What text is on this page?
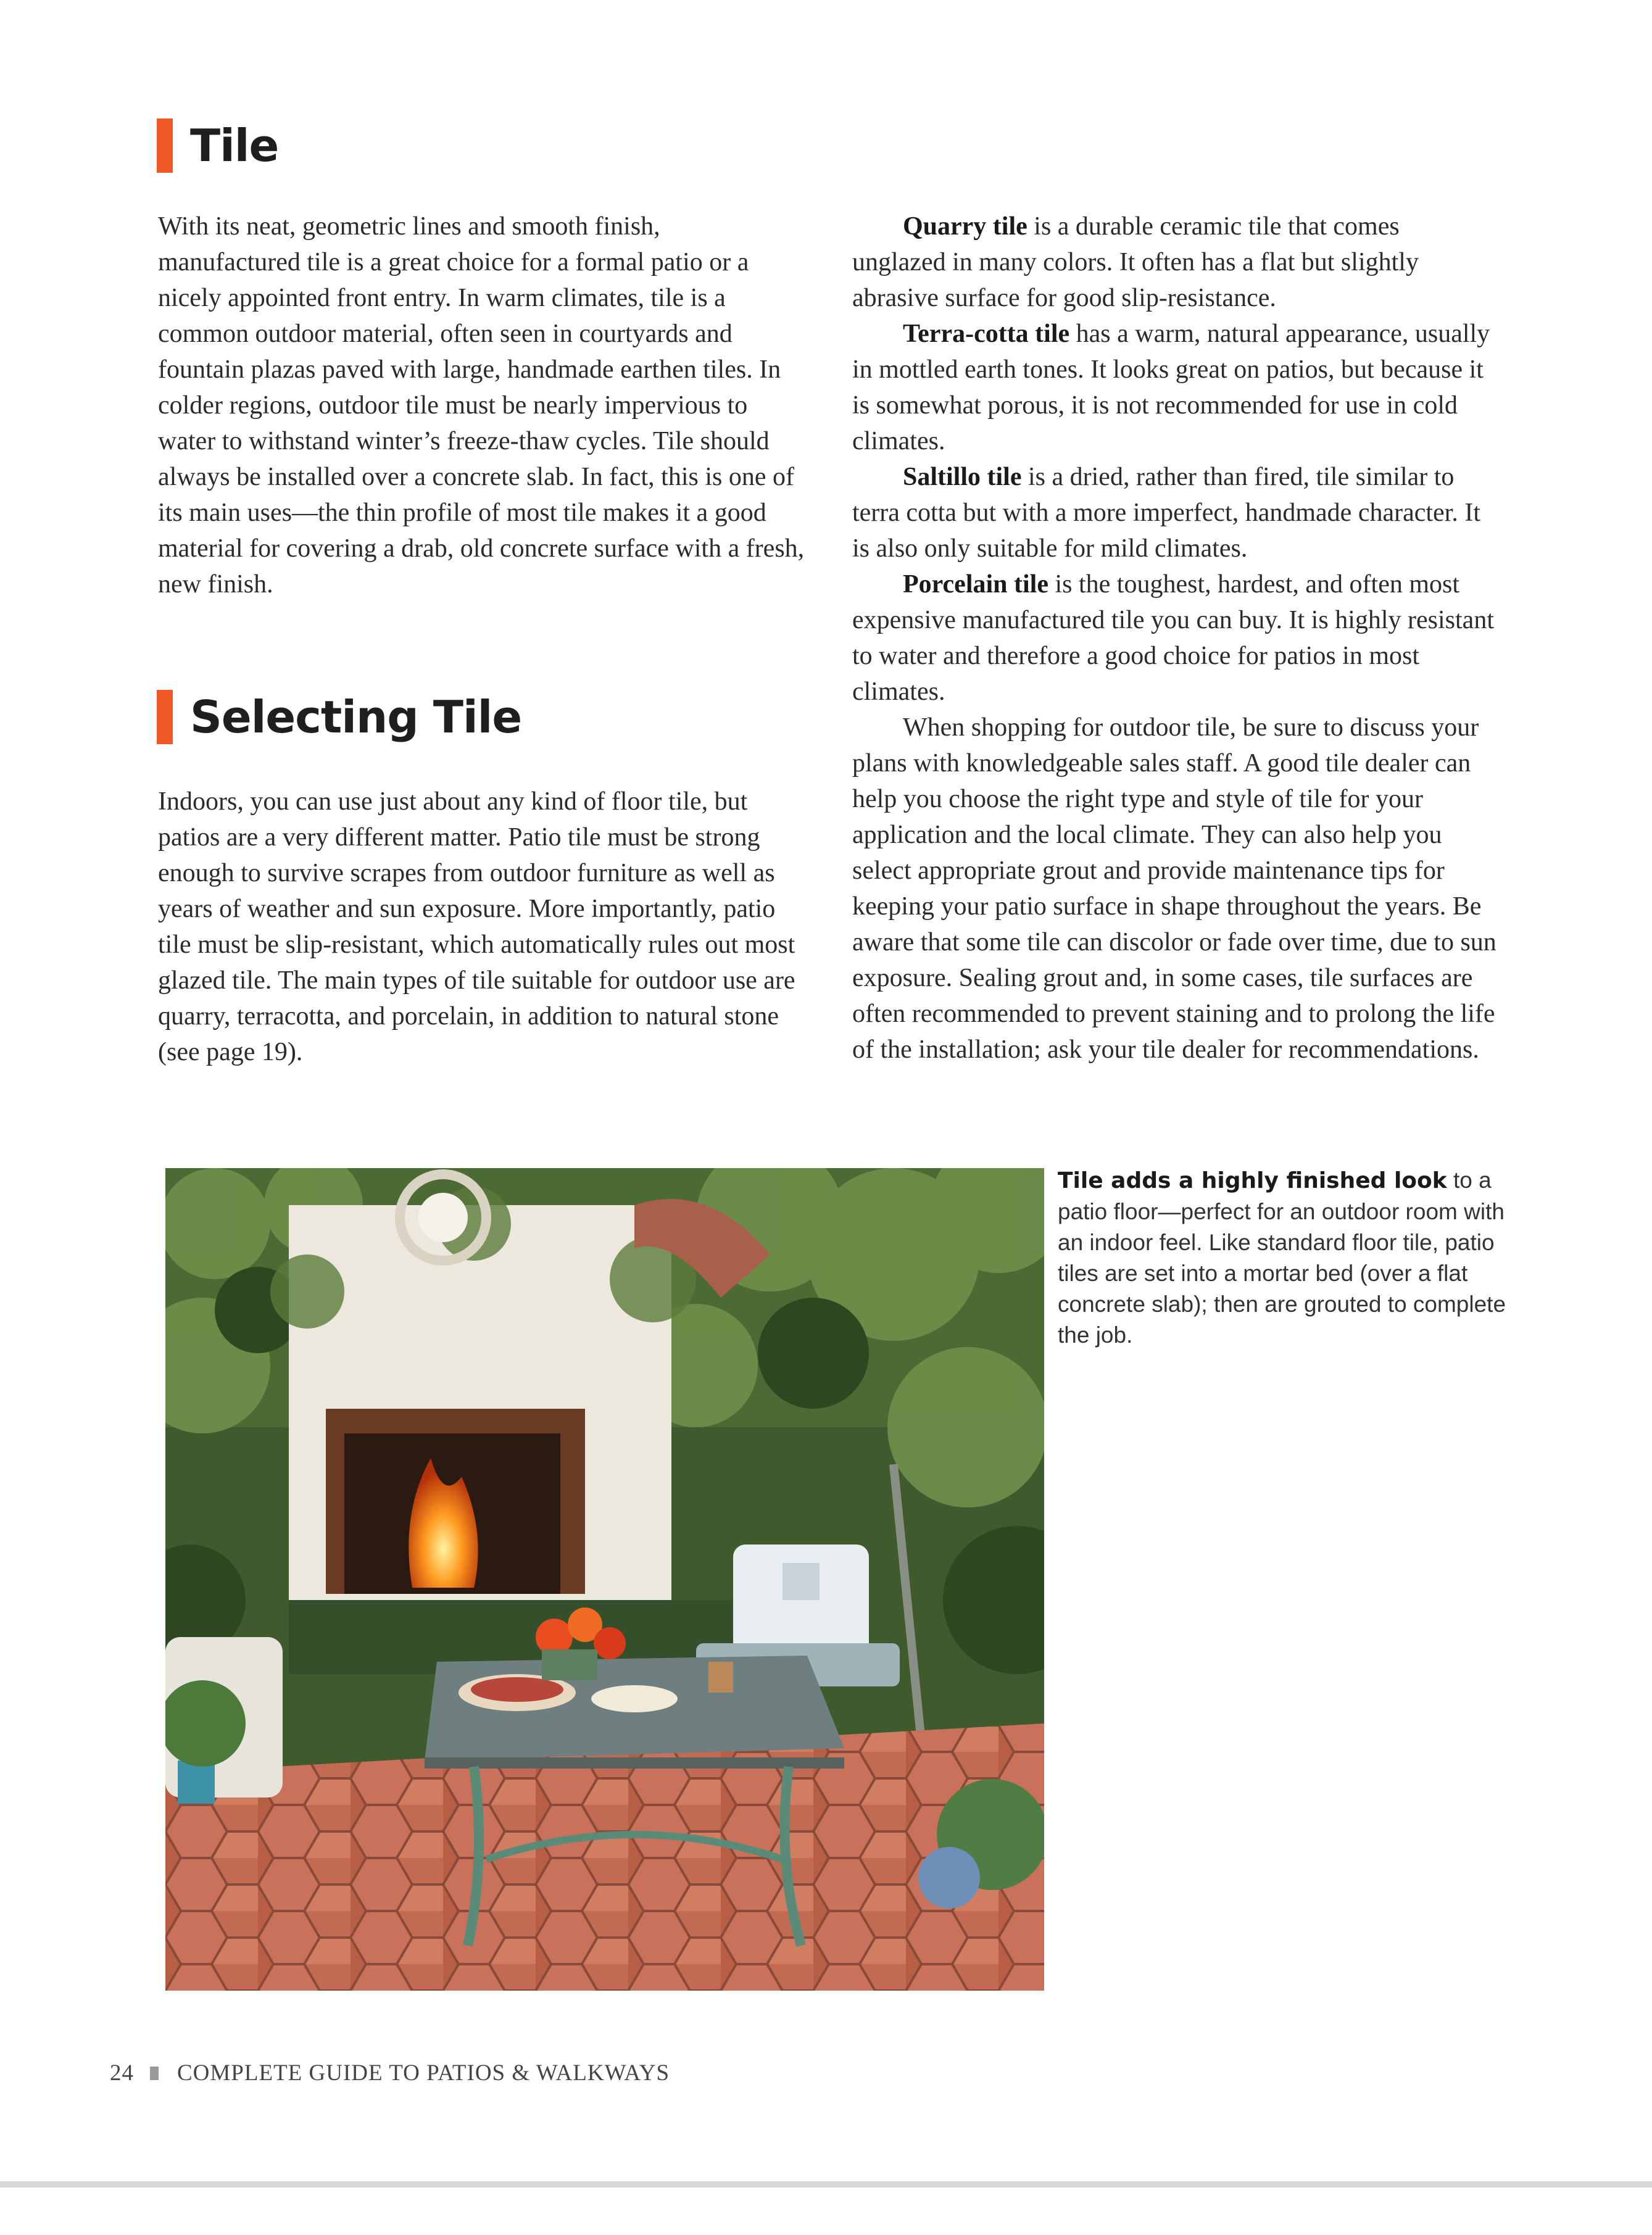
Tile

With its neat, geometric lines and smooth finish, manufactured tile is a great choice for a formal patio or a nicely appointed front entry. In warm climates, tile is a common outdoor material, often seen in courtyards and fountain plazas paved with large, handmade earthen tiles. In colder regions, outdoor tile must be nearly impervious to water to withstand winter’s freeze-thaw cycles. Tile should always be installed over a concrete slab. In fact, this is one of its main uses—the thin profile of most tile makes it a good material for covering a drab, old concrete surface with a fresh, new finish.

Selecting Tile

Indoors, you can use just about any kind of floor tile, but patios are a very different matter. Patio tile must be strong enough to survive scrapes from outdoor furniture as well as years of weather and sun exposure. More importantly, patio tile must be slip-resistant, which automatically rules out most glazed tile. The main types of tile suitable for outdoor use are quarry, terracotta, and porcelain, in addition to natural stone (see page 19).

Quarry tile is a durable ceramic tile that comes unglazed in many colors. It often has a flat but slightly abrasive surface for good slip-resistance.

Terra-cotta tile has a warm, natural appearance, usually in mottled earth tones. It looks great on patios, but because it is somewhat porous, it is not recommended for use in cold climates.

Saltillo tile is a dried, rather than fired, tile similar to terra cotta but with a more imperfect, handmade character. It is also only suitable for mild climates.

Porcelain tile is the toughest, hardest, and often most expensive manufactured tile you can buy. It is highly resistant to water and therefore a good choice for patios in most climates.

When shopping for outdoor tile, be sure to discuss your plans with knowledgeable sales staff. A good tile dealer can help you choose the right type and style of tile for your application and the local climate. They can also help you select appropriate grout and provide maintenance tips for keeping your patio surface in shape throughout the years. Be aware that some tile can discolor or fade over time, due to sun exposure. Sealing grout and, in some cases, tile surfaces are often recommended to prevent staining and to prolong the life of the installation; ask your tile dealer for recommendations.

Tile adds a highly finished look to a patio floor—perfect for an outdoor room with an indoor feel. Like standard floor tile, patio tiles are set into a mortar bed (over a flat concrete slab); then are grouted to complete the job.
24 COMPLETE GUIDE TO PATIOS & WALKWAYS
